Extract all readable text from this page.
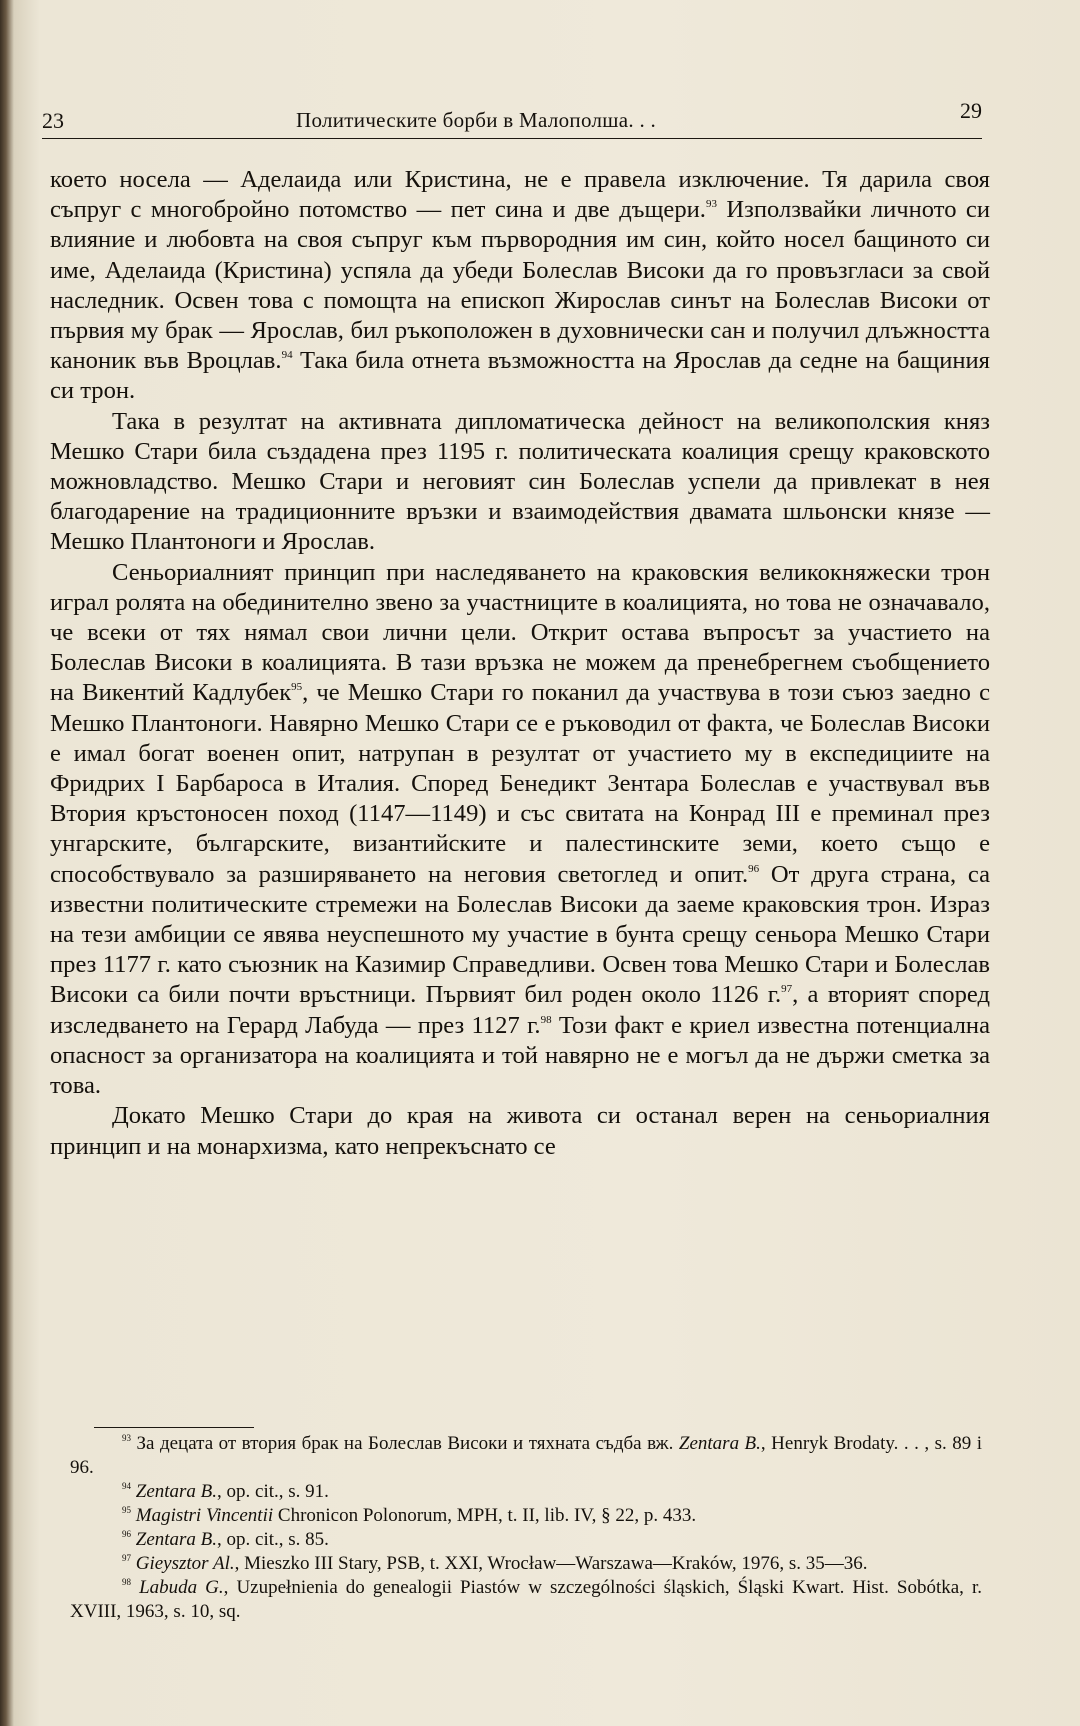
23	Политическите борби в Малополша. . .	29

което носела — Аделаида или Кристина, не е правела изключение. Тя дарила своя съпруг с многобройно потомство — пет сина и две дъщери.$^{93}$ Използвайки личното си влияние и любовта на своя съпруг към първородния им син, който носел бащиното си име, Аделаида (Кристина) успяла да убеди Болеслав Високи да го провъзгласи за свой наследник. Освен това с помощта на епископ Жирослав синът на Болеслав Високи от първия му брак — Ярослав, бил ръкоположен в духовнически сан и получил длъжността каноник във Вроцлав.$^{94}$ Така била отнета възможността на Ярослав да седне на бащиния си трон.

Така в резултат на активната дипломатическа дейност на великополския княз Мешко Стари била създадена през 1195 г. политическата коалиция срещу краковското можновладство. Мешко Стари и неговият син Болеслав успели да привлекат в нея благодарение на традиционните връзки и взаимодействия двамата шльонски князе — Мешко Плантоноги и Ярослав.

Сеньориалният принцип при наследяването на краковския великокняжески трон играл ролята на обединително звено за участниците в коалицията, но това не означавало, че всеки от тях нямал свои лични цели. Открит остава въпросът за участието на Болеслав Високи в коалицията. В тази връзка не можем да пренебрегнем съобщението на Викентий Кадлубек$^{95}$, че Мешко Стари го поканил да участвува в този съюз заедно с Мешко Плантоноги. Навярно Мешко Стари се е ръководил от факта, че Болеслав Високи е имал богат военен опит, натрупан в резултат от участието му в експедициите на Фридрих I Барбароса в Италия. Според Бенедикт Зентара Болеслав е участвувал във Втория кръстоносен поход (1147—1149) и със свитата на Конрад III е преминал през унгарските, българските, византийските и палестинските земи, което също е способствувало за разширяването на неговия светоглед и опит.$^{96}$ От друга страна, са известни политическите стремежи на Болеслав Високи да заеме краковския трон. Израз на тези амбиции се явява неуспешното му участие в бунта срещу сеньора Мешко Стари през 1177 г. като съюзник на Казимир Справедливи. Освен това Мешко Стари и Болеслав Високи са били почти връстници. Първият бил роден около 1126 г.$^{97}$, а вторият според изследването на Герард Лабуда — през 1127 г.$^{98}$ Този факт е криел известна потенциална опасност за организатора на коалицията и той навярно не е могъл да не държи сметка за това.

Докато Мешко Стари до края на живота си останал верен на сеньориалния принцип и на монархизма, като непрекъснато се

$^{93}$ За децата от втория брак на Болеслав Високи и тяхната съдба вж. Zentara B., Henryk Brodaty. . . , s. 89 i 96.

$^{94}$ Zentara B., op. cit., s. 91.

$^{95}$ Magistri Vincentii Chronicon Polonorum, MPH, t. II, lib. IV, § 22, p. 433.

$^{96}$ Zentara B., op. cit., s. 85.

$^{97}$ Gieysztor Al., Mieszko III Stary, PSB, t. XXI, Wrocław—Warszawa—Kraków, 1976, s. 35—36.

$^{98}$ Labuda G., Uzupełnienia do genealogii Piastów w szczególności śląskich, Śląski Kwart. Hist. Sobótka, r. XVIII, 1963, s. 10, sq.
